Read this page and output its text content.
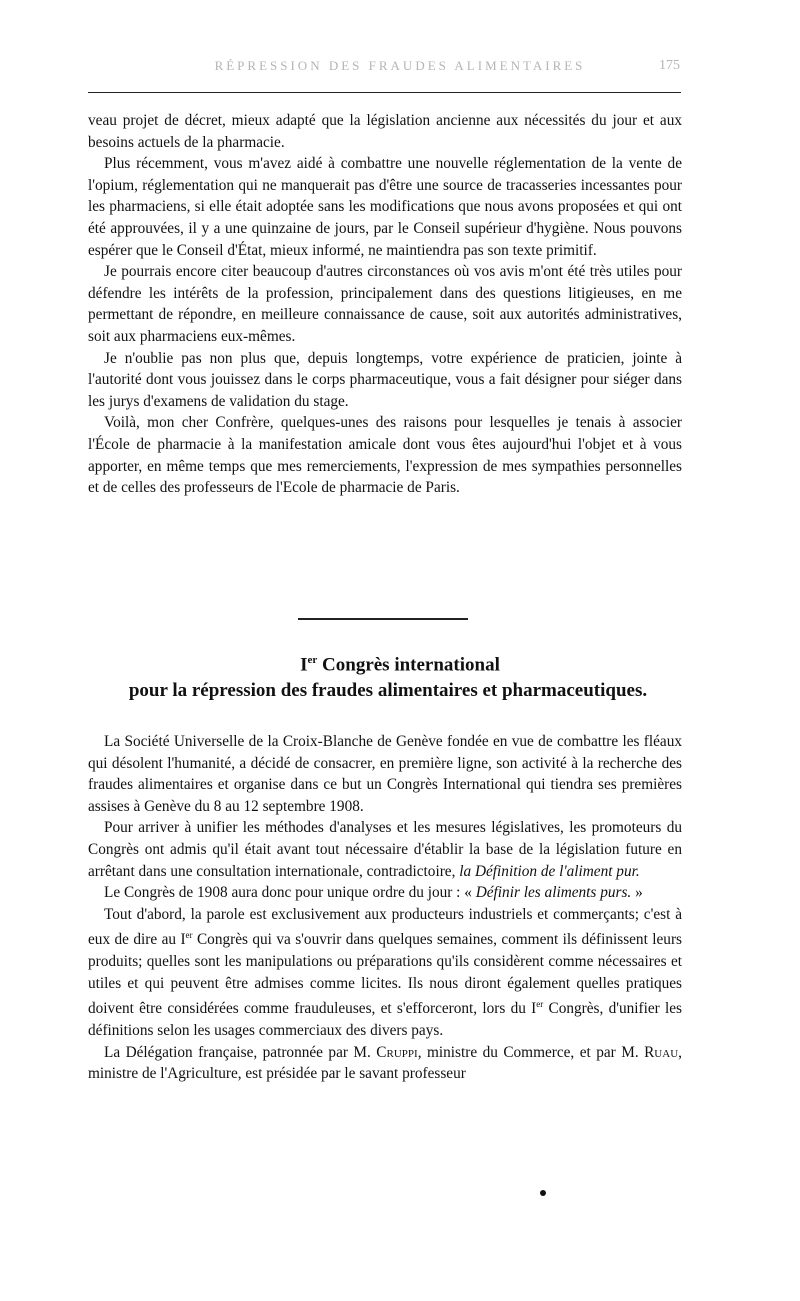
RÉPRESSION DES FRAUDES ALIMENTAIRES	175

veau projet de décret, mieux adapté que la législation ancienne aux nécessités du jour et aux besoins actuels de la pharmacie.

Plus récemment, vous m'avez aidé à combattre une nouvelle réglementation de la vente de l'opium, réglementation qui ne manquerait pas d'être une source de tracasseries incessantes pour les pharmaciens, si elle était adoptée sans les modifications que nous avons proposées et qui ont été approuvées, il y a une quinzaine de jours, par le Conseil supérieur d'hygiène. Nous pouvons espérer que le Conseil d'État, mieux informé, ne maintiendra pas son texte primitif.

Je pourrais encore citer beaucoup d'autres circonstances où vos avis m'ont été très utiles pour défendre les intérêts de la profession, principalement dans des questions litigieuses, en me permettant de répondre, en meilleure connaissance de cause, soit aux autorités administratives, soit aux pharmaciens eux-mêmes.

Je n'oublie pas non plus que, depuis longtemps, votre expérience de praticien, jointe à l'autorité dont vous jouissez dans le corps pharmaceutique, vous a fait désigner pour siéger dans les jurys d'examens de validation du stage.

Voilà, mon cher Confrère, quelques-unes des raisons pour lesquelles je tenais à associer l'École de pharmacie à la manifestation amicale dont vous êtes aujourd'hui l'objet et à vous apporter, en même temps que mes remerciements, l'expression de mes sympathies personnelles et de celles des professeurs de l'Ecole de pharmacie de Paris.

Ier Congrès international
pour la répression des fraudes alimentaires et pharmaceutiques.

La Société Universelle de la Croix-Blanche de Genève fondée en vue de combattre les fléaux qui désolent l'humanité, a décidé de consacrer, en première ligne, son activité à la recherche des fraudes alimentaires et organise dans ce but un Congrès International qui tiendra ses premières assises à Genève du 8 au 12 septembre 1908.

Pour arriver à unifier les méthodes d'analyses et les mesures législatives, les promoteurs du Congrès ont admis qu'il était avant tout nécessaire d'établir la base de la législation future en arrêtant dans une consultation internationale, contradictoire, la Définition de l'aliment pur.

Le Congrès de 1908 aura donc pour unique ordre du jour : « Définir les aliments purs. »

Tout d'abord, la parole est exclusivement aux producteurs industriels et commerçants; c'est à eux de dire au Ier Congrès qui va s'ouvrir dans quelques semaines, comment ils définissent leurs produits; quelles sont les manipulations ou préparations qu'ils considèrent comme nécessaires et utiles et qui peuvent être admises comme licites. Ils nous diront également quelles pratiques doivent être considérées comme frauduleuses, et s'efforceront, lors du Ier Congrès, d'unifier les définitions selon les usages commerciaux des divers pays.

La Délégation française, patronnée par M. Cruppi, ministre du Commerce, et par M. Ruau, ministre de l'Agriculture, est présidée par le savant professeur
